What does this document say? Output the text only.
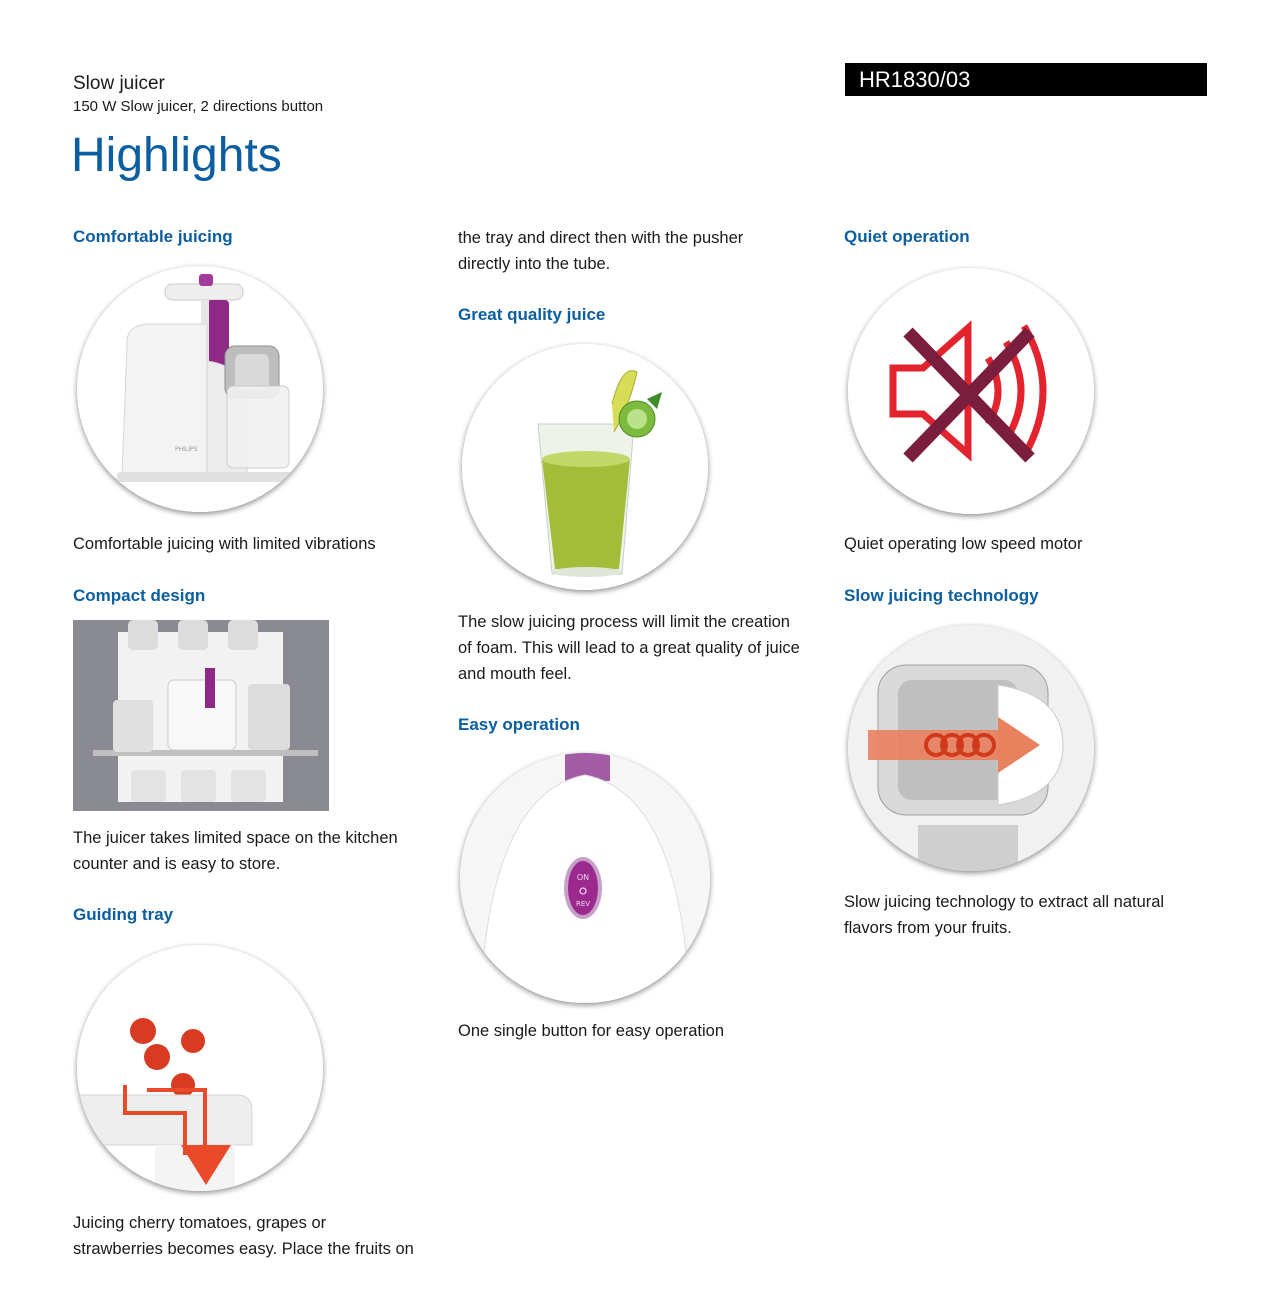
Slow juicer
150 W Slow juicer, 2 directions button
HR1830/03
Highlights
Comfortable juicing
PHILIPS
Comfortable juicing with limited vibrations
Compact design
The juicer takes limited space on the kitchen
counter and is easy to store.
Guiding tray
Juicing cherry tomatoes, grapes or
strawberries becomes easy. Place the fruits on
the tray and direct then with the pusher
directly into the tube.
Great quality juice
The slow juicing process will limit the creation
of foam. This will lead to a great quality of juice
and mouth feel.
Easy operation
ON
REV
One single button for easy operation
Quiet operation
Quiet operating low speed motor
Slow juicing technology
Slow juicing technology to extract all natural
flavors from your fruits.
